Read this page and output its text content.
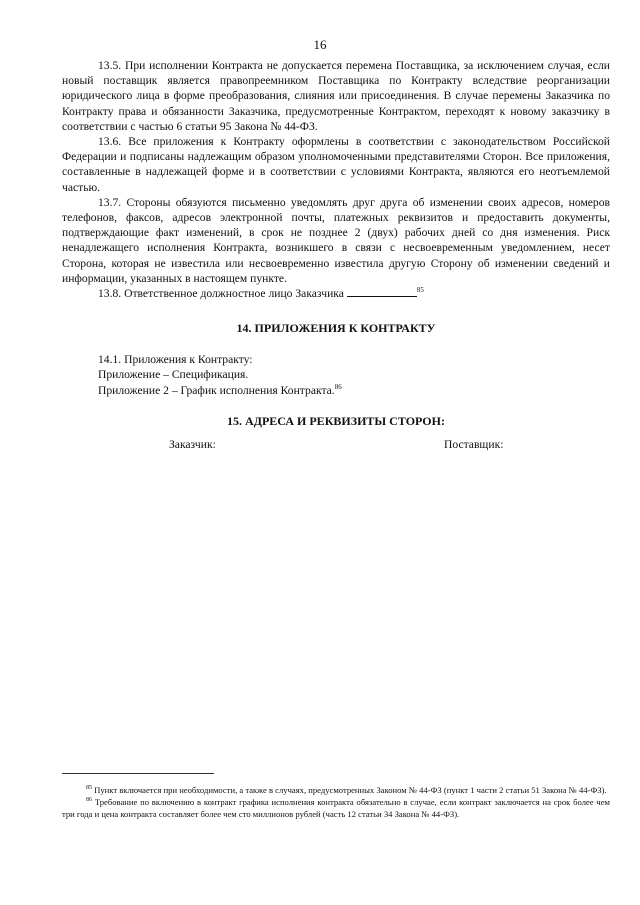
16

13.5. При исполнении Контракта не допускается перемена Поставщика, за исключением случая, если новый поставщик является правопреемником Поставщика по Контракту вследствие реорганизации юридического лица в форме преобразования, слияния или присоединения. В случае перемены Заказчика по Контракту права и обязанности Заказчика, предусмотренные Контрактом, переходят к новому заказчику в соответствии с частью 6 статьи 95 Закона № 44-ФЗ.

13.6. Все приложения к Контракту оформлены в соответствии с законодательством Российской Федерации и подписаны надлежащим образом уполномоченными представителями Сторон. Все приложения, составленные в надлежащей форме и в соответствии с условиями Контракта, являются его неотъемлемой частью.

13.7. Стороны обязуются письменно уведомлять друг друга об изменении своих адресов, номеров телефонов, факсов, адресов электронной почты, платежных реквизитов и предоставить документы, подтверждающие факт изменений, в срок не позднее 2 (двух) рабочих дней со дня изменения. Риск ненадлежащего исполнения Контракта, возникшего в связи с несвоевременным уведомлением, несет Сторона, которая не известила или несвоевременно известила другую Сторону об изменении сведений и информации, указанных в настоящем пункте.

13.8. Ответственное должностное лицо Заказчика	$^{85}$

14. ПРИЛОЖЕНИЯ К КОНТРАКТУ

14.1. Приложения к Контракту:

Приложение – Спецификация.

Приложение 2 – График исполнения Контракта.$^{86}$

15. АДРЕСА И РЕКВИЗИТЫ СТОРОН:

Заказчик:	Поставщик:

$^{85}$ Пункт включается при необходимости, а также в случаях, предусмотренных Законом № 44-ФЗ (пункт 1 части 2 статьи 51 Закона № 44-ФЗ).

$^{86}$ Требование по включению в контракт графика исполнения контракта обязательно в случае, если контракт заключается на срок более чем три года и цена контракта составляет более чем сто миллионов рублей (часть 12 статьи 34 Закона № 44-ФЗ).
